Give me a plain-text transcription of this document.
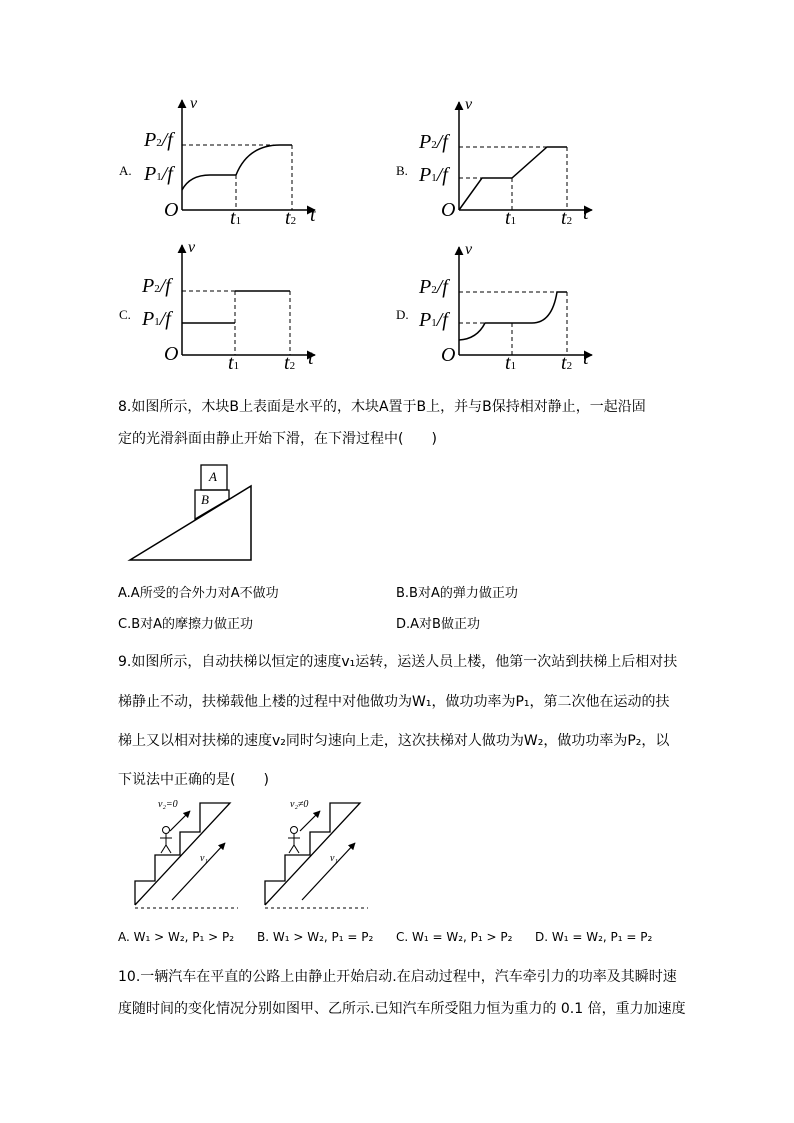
A.
v
P2/f
P1/f
O	t1 t2 t
B.
v
P2/f
P1/f
t1 t2 t
O
C.
v
P2/f
P1/f
O t1 t2 t
D.
v
P2/f
P1/f
O t1 t2 t
8.如图所示，木块B上表面是水平的，木块A置于B上，并与B保持相对静止，一起沿固
定的光滑斜面由静止开始下滑，在下滑过程中(　　)
A
B
A.A所受的合外力对A不做功	B.B对A的弹力做正功
C.B对A的摩擦力做正功	D.A对B做正功
9.如图所示，自动扶梯以恒定的速度v₁运转，运送人员上楼，他第一次站到扶梯上后相对扶
梯静止不动，扶梯载他上楼的过程中对他做功为W₁，做功功率为P₁，第二次他在运动的扶
梯上又以相对扶梯的速度v₂同时匀速向上走，这次扶梯对人做功为W₂，做功功率为P₂，以
下说法中正确的是(　　)
v₂=0
v₁
v₂≠0
v₁
A. W₁ > W₂, P₁ > P₂ B. W₁ > W₂, P₁ = P₂ C. W₁ = W₂, P₁ > P₂ D. W₁ = W₂, P₁ = P₂
10.一辆汽车在平直的公路上由静止开始启动.在启动过程中，汽车牵引力的功率及其瞬时速
度随时间的变化情况分别如图甲、乙所示.已知汽车所受阻力恒为重力的 0.1 倍，重力加速度
